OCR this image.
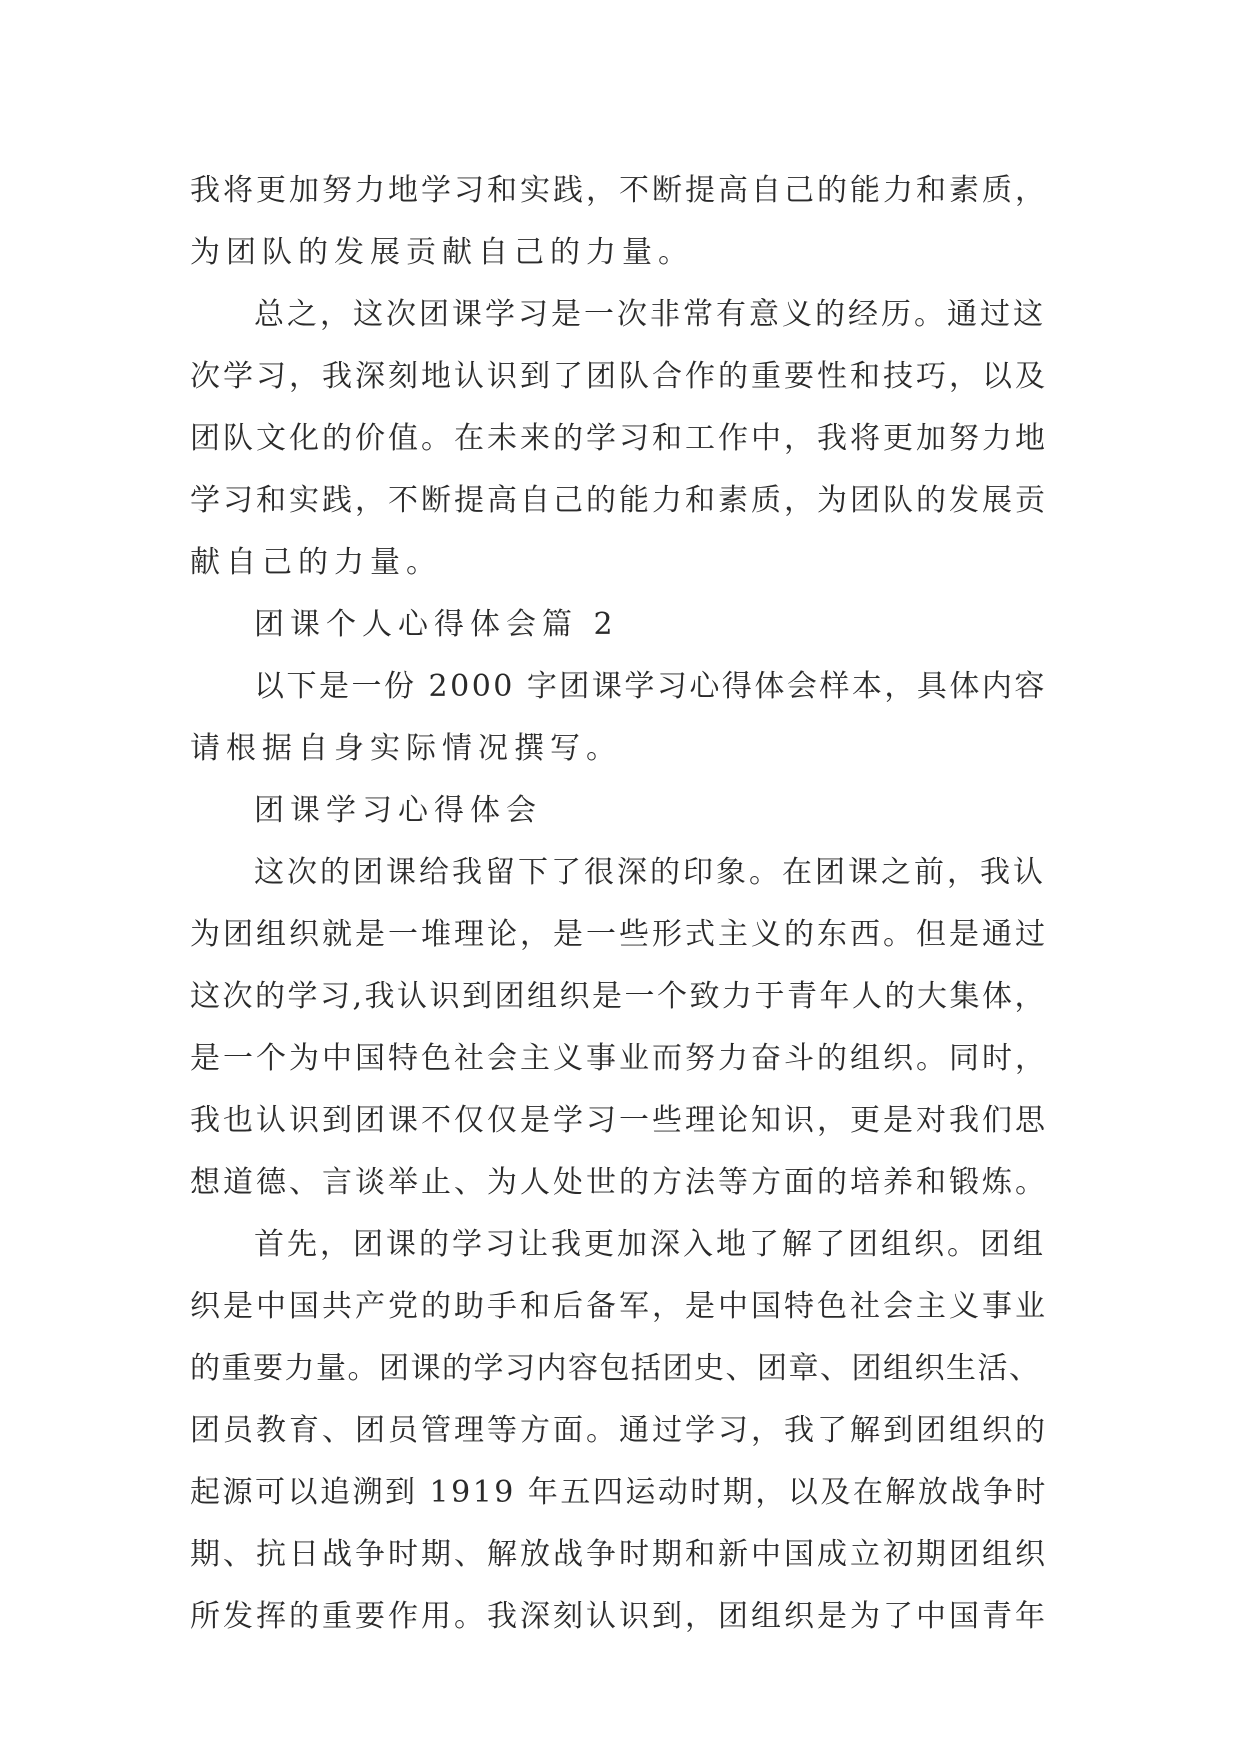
我将更加努力地学习和实践，不断提高自己的能力和素质，
为团队的发展贡献自己的力量。
总之，这次团课学习是一次非常有意义的经历。通过这
次学习，我深刻地认识到了团队合作的重要性和技巧，以及
团队文化的价值。在未来的学习和工作中，我将更加努力地
学习和实践，不断提高自己的能力和素质，为团队的发展贡
献自己的力量。
团课个人心得体会篇 2
以下是一份 2000 字团课学习心得体会样本，具体内容
请根据自身实际情况撰写。
团课学习心得体会
这次的团课给我留下了很深的印象。在团课之前，我认
为团组织就是一堆理论，是一些形式主义的东西。但是通过
这次的学习,我认识到团组织是一个致力于青年人的大集体，
是一个为中国特色社会主义事业而努力奋斗的组织。同时，
我也认识到团课不仅仅是学习一些理论知识，更是对我们思
想道德、言谈举止、为人处世的方法等方面的培养和锻炼。
首先，团课的学习让我更加深入地了解了团组织。团组
织是中国共产党的助手和后备军，是中国特色社会主义事业
的重要力量。团课的学习内容包括团史、团章、团组织生活、
团员教育、团员管理等方面。通过学习，我了解到团组织的
起源可以追溯到 1919 年五四运动时期，以及在解放战争时
期、抗日战争时期、解放战争时期和新中国成立初期团组织
所发挥的重要作用。我深刻认识到，团组织是为了中国青年
